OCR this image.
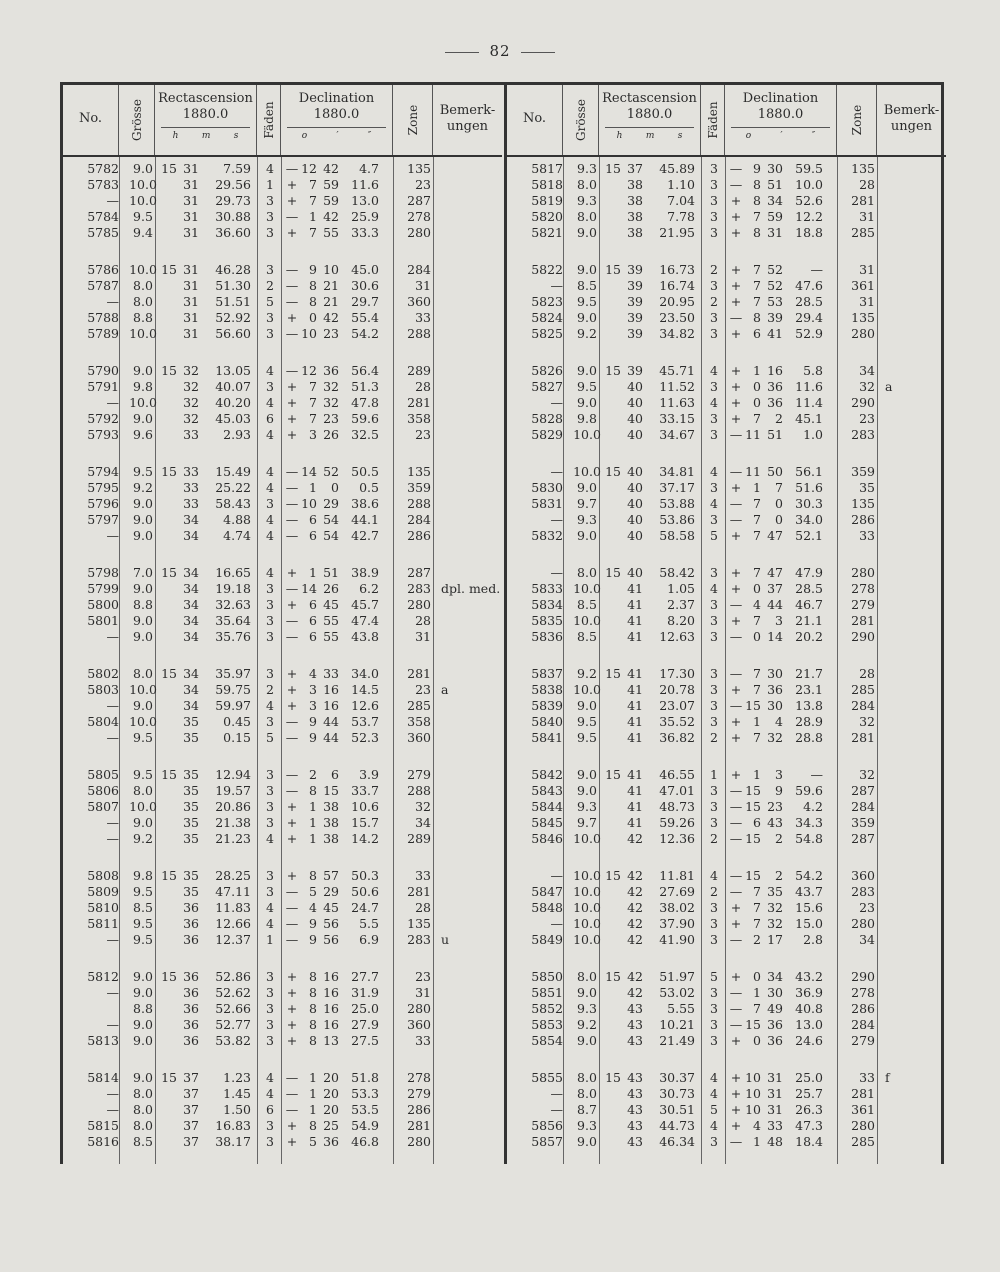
82
No.	Grösse
Rectascension
1880.0
h	m	s Fäden
Declination
1880.0
o	′	″
Zone	Bemerk-
ungen
5782	9.0 15 31	7.59	4 — 12 42	4.7	135
5783 10.0	31	29.56	1	+ 7 59 11.6	23
— 10.0	31	29.73	3	+ 7 59 13.0	287
5784	9.5	31	30.88	3 — 1 42 25.9	278
5785	9.4	31	36.60	3	+ 7 55 33.3	280
5786 10.0 15 31	46.28	3 — 9 10 45.0	284
5787	8.0	31	51.30	2 — 8 21 30.6	31
—	8.0	31	51.51	5 — 8 21 29.7	360
5788	8.8	31	52.92	3	+ 0 42 55.4	33
5789 10.0	31	56.60	3 — 10 23 54.2	288
5790	9.0 15 32	13.05	4 — 12 36 56.4	289
5791	9.8	32	40.07	3	+ 7 32 51.3	28
— 10.0	32	40.20	4	+ 7 32 47.8	281
5792	9.0	32	45.03	6	+ 7 23 59.6	358
5793	9.6	33	2.93	4	+ 3 26 32.5	23
5794	9.5 15 33	15.49	4 — 14 52 50.5	135
5795	9.2	33	25.22	4 — 1	0	0.5	359
5796	9.0	33	58.43	3 — 10 29 38.6	288
5797	9.0	34	4.88	4 — 6 54 44.1	284
—	9.0	34	4.74	4 — 6 54 42.7	286
5798	7.0 15 34	16.65	4	+ 1 51 38.9	287
5799	9.0	34	19.18	3 — 14 26	6.2	283 dpl. med.
5800	8.8	34	32.63	3	+ 6 45 45.7	280
5801	9.0	34	35.64	3 — 6 55 47.4	28
—	9.0	34	35.76	3 — 6 55 43.8	31
5802	8.0 15 34	35.97	3	+ 4 33 34.0	281
5803 10.0	34	59.75	2	+ 3 16 14.5	23 a
—	9.0	34	59.97	4	+ 3 16 12.6	285
5804 10.0	35	0.45	3 — 9 44 53.7	358
—	9.5	35	0.15	5 — 9 44 52.3	360
5805	9.5 15 35	12.94	3 — 2	6	3.9	279
5806	8.0	35	19.57	3 — 8 15 33.7	288
5807 10.0	35	20.86	3	+ 1 38 10.6	32
—	9.0	35	21.38	3	+ 1 38 15.7	34
—	9.2	35	21.23	4	+ 1 38 14.2	289
5808	9.8 15 35	28.25	3	+ 8 57 50.3	33
5809	9.5	35	47.11	3 — 5 29 50.6	281
5810	8.5	36	11.83	4 — 4 45 24.7	28
5811	9.5	36	12.66	4 — 9 56	5.5	135
—	9.5	36	12.37	1 — 9 56	6.9	283 u
5812	9.0 15 36	52.86	3	+ 8 16 27.7	23
—	9.0	36	52.62	3	+ 8 16 31.9	31
8.8	36	52.66	3	+ 8 16 25.0	280
—	9.0	36	52.77	3	+ 8 16 27.9	360
5813	9.0	36	53.82	3	+ 8 13 27.5	33
5814	9.0 15 37	1.23	4 — 1 20 51.8	278
—	8.0	37	1.45	4 — 1 20 53.3	279
—	8.0	37	1.50	6 — 1 20 53.5	286
5815	8.0	37	16.83	3	+ 8 25 54.9	281
5816	8.5	37	38.17	3	+ 5 36 46.8	280
No.	Grösse
Rectascension
1880.0
h	m	s Fäden
Declination
1880.0
o	′	″
Zone	Bemerk-
ungen
5817	9.3 15 37	45.89	3 — 9 30 59.5	135
5818	8.0	38	1.10	3 — 8 51 10.0	28
5819	9.3	38	7.04	3	+ 8 34 52.6	281
5820	8.0	38	7.78	3	+ 7 59 12.2	31
5821	9.0	38	21.95	3	+ 8 31 18.8	285
5822	9.0 15 39	16.73	2	+ 7 52	—	31
—	8.5	39	16.74	3	+ 7 52 47.6	361
5823	9.5	39	20.95	2	+ 7 53 28.5	31
5824	9.0	39	23.50	3 — 8 39 29.4	135
5825	9.2	39	34.82	3	+ 6 41 52.9	280
5826	9.0 15 39	45.71	4	+ 1 16	5.8	34
5827	9.5	40	11.52	3	+ 0 36 11.6	32 a
—	9.0	40	11.63	4	+ 0 36 11.4	290
5828	9.8	40	33.15	3	+ 7	2 45.1	23
5829 10.0	40	34.67	3 — 11 51	1.0	283
— 10.0 15 40	34.81	4 — 11 50 56.1	359
5830	9.0	40	37.17	3	+ 1	7 51.6	35
5831	9.7	40	53.88	4 — 7	0 30.3	135
—	9.3	40	53.86	3 — 7	0 34.0	286
5832	9.0	40	58.58	5	+ 7 47 52.1	33
—	8.0 15 40	58.42	3	+ 7 47 47.9	280
5833 10.0	41	1.05	4	+ 0 37 28.5	278
5834	8.5	41	2.37	3 — 4 44 46.7	279
5835 10.0	41	8.20	3	+ 7	3 21.1	281
5836	8.5	41	12.63	3 — 0 14 20.2	290
5837	9.2 15 41	17.30	3 — 7 30 21.7	28
5838 10.0	41	20.78	3	+ 7 36 23.1	285
5839	9.0	41	23.07	3 — 15 30 13.8	284
5840	9.5	41	35.52	3	+ 1	4 28.9	32
5841	9.5	41	36.82	2	+ 7 32 28.8	281
5842	9.0 15 41	46.55	1	+ 1	3	—	32
5843	9.0	41	47.01	3 — 15	9 59.6	287
5844	9.3	41	48.73	3 — 15 23	4.2	284
5845	9.7	41	59.26	3 — 6 43 34.3	359
5846 10.0	42	12.36	2 — 15	2 54.8	287
— 10.0 15 42	11.81	4 — 15	2 54.2	360
5847 10.0	42	27.69	2 — 7 35 43.7	283
5848 10.0	42	38.02	3	+ 7 32 15.6	23
— 10.0	42	37.90	3	+ 7 32 15.0	280
5849 10.0	42	41.90	3 — 2 17	2.8	34
5850	8.0 15 42	51.97	5	+ 0 34 43.2	290
5851	9.0	42	53.02	3 — 1 30 36.9	278
5852	9.3	43	5.55	3 — 7 49 40.8	286
5853	9.2	43	10.21	3 — 15 36 13.0	284
5854	9.0	43	21.49	3	+ 0 36 24.6	279
5855	8.0 15 43	30.37	4	+ 10 31 25.0	33 f
—	8.0	43	30.73	4	+ 10 31 25.7	281
—	8.7	43	30.51	5	+ 10 31 26.3	361
5856	9.3	43	44.73	4	+ 4 33 47.3	280
5857	9.0	43	46.34	3 — 1 48 18.4	285
